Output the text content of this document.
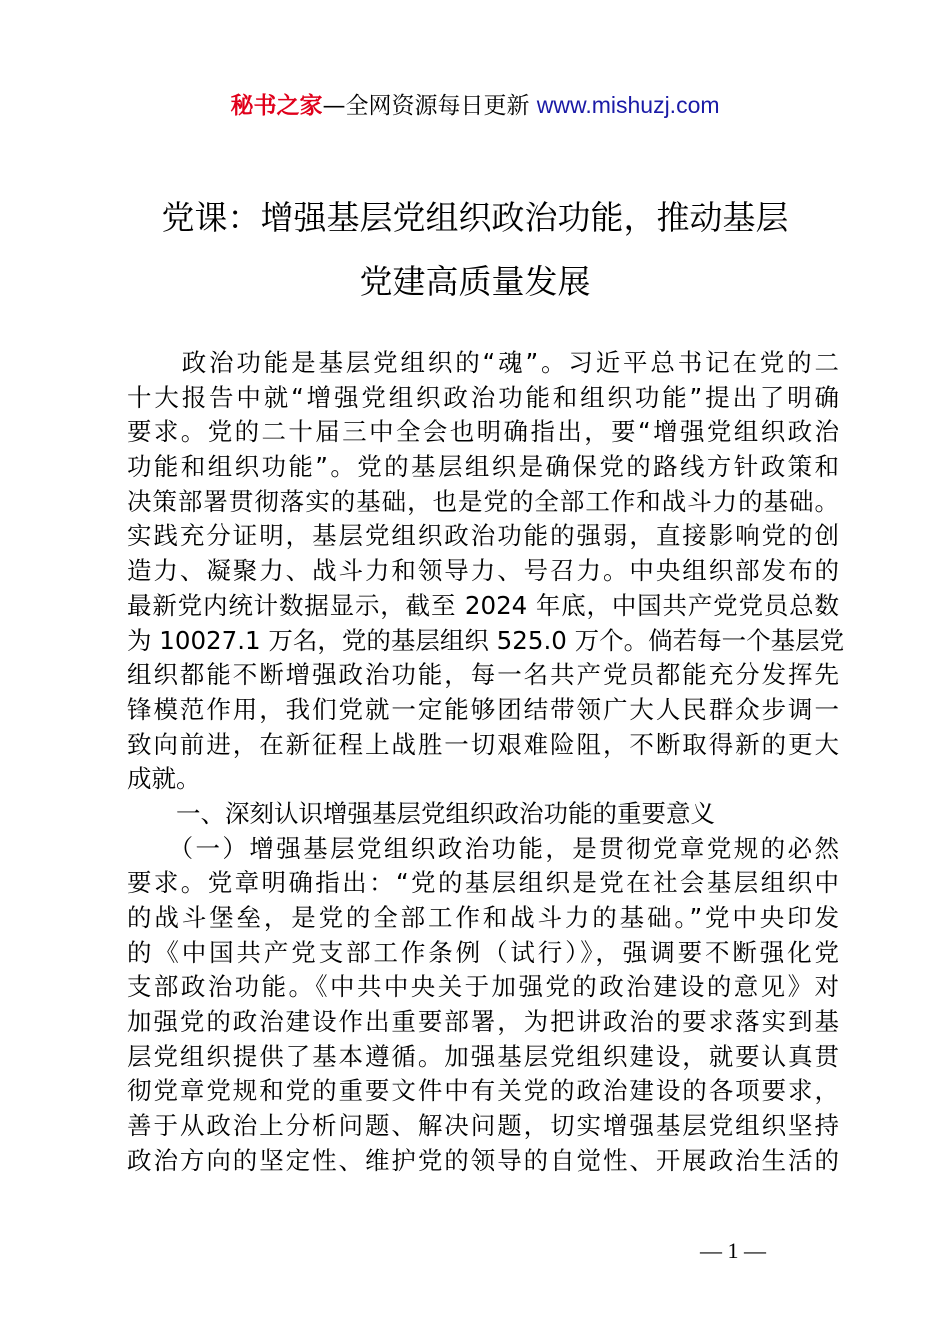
秘书之家—全网资源每日更新 www.mishuzj.com
党课：增强基层党组织政治功能，推动基层
党建高质量发展
　　政治功能是基层党组织的“魂”。习近平总书记在党的二
十大报告中就“增强党组织政治功能和组织功能”提出了明确
要求。党的二十届三中全会也明确指出，要“增强党组织政治
功能和组织功能”。党的基层组织是确保党的路线方针政策和
决策部署贯彻落实的基础，也是党的全部工作和战斗力的基础。
实践充分证明，基层党组织政治功能的强弱，直接影响党的创
造力、凝聚力、战斗力和领导力、号召力。中央组织部发布的
最新党内统计数据显示，截至 2024 年底，中国共产党党员总数
为 10027.1 万名，党的基层组织 525.0 万个。倘若每一个基层党
组织都能不断增强政治功能，每一名共产党员都能充分发挥先
锋模范作用，我们党就一定能够团结带领广大人民群众步调一
致向前进，在新征程上战胜一切艰难险阻，不断取得新的更大
成就。
　　一、深刻认识增强基层党组织政治功能的重要意义
　　（一）增强基层党组织政治功能，是贯彻党章党规的必然
要求。党章明确指出：“党的基层组织是党在社会基层组织中
的战斗堡垒，是党的全部工作和战斗力的基础。”党中央印发
的《中国共产党支部工作条例（试行）》，强调要不断强化党
支部政治功能。《中共中央关于加强党的政治建设的意见》对
加强党的政治建设作出重要部署，为把讲政治的要求落实到基
层党组织提供了基本遵循。加强基层党组织建设，就要认真贯
彻党章党规和党的重要文件中有关党的政治建设的各项要求，
善于从政治上分析问题、解决问题，切实增强基层党组织坚持
政治方向的坚定性、维护党的领导的自觉性、开展政治生活的
— 1 —
